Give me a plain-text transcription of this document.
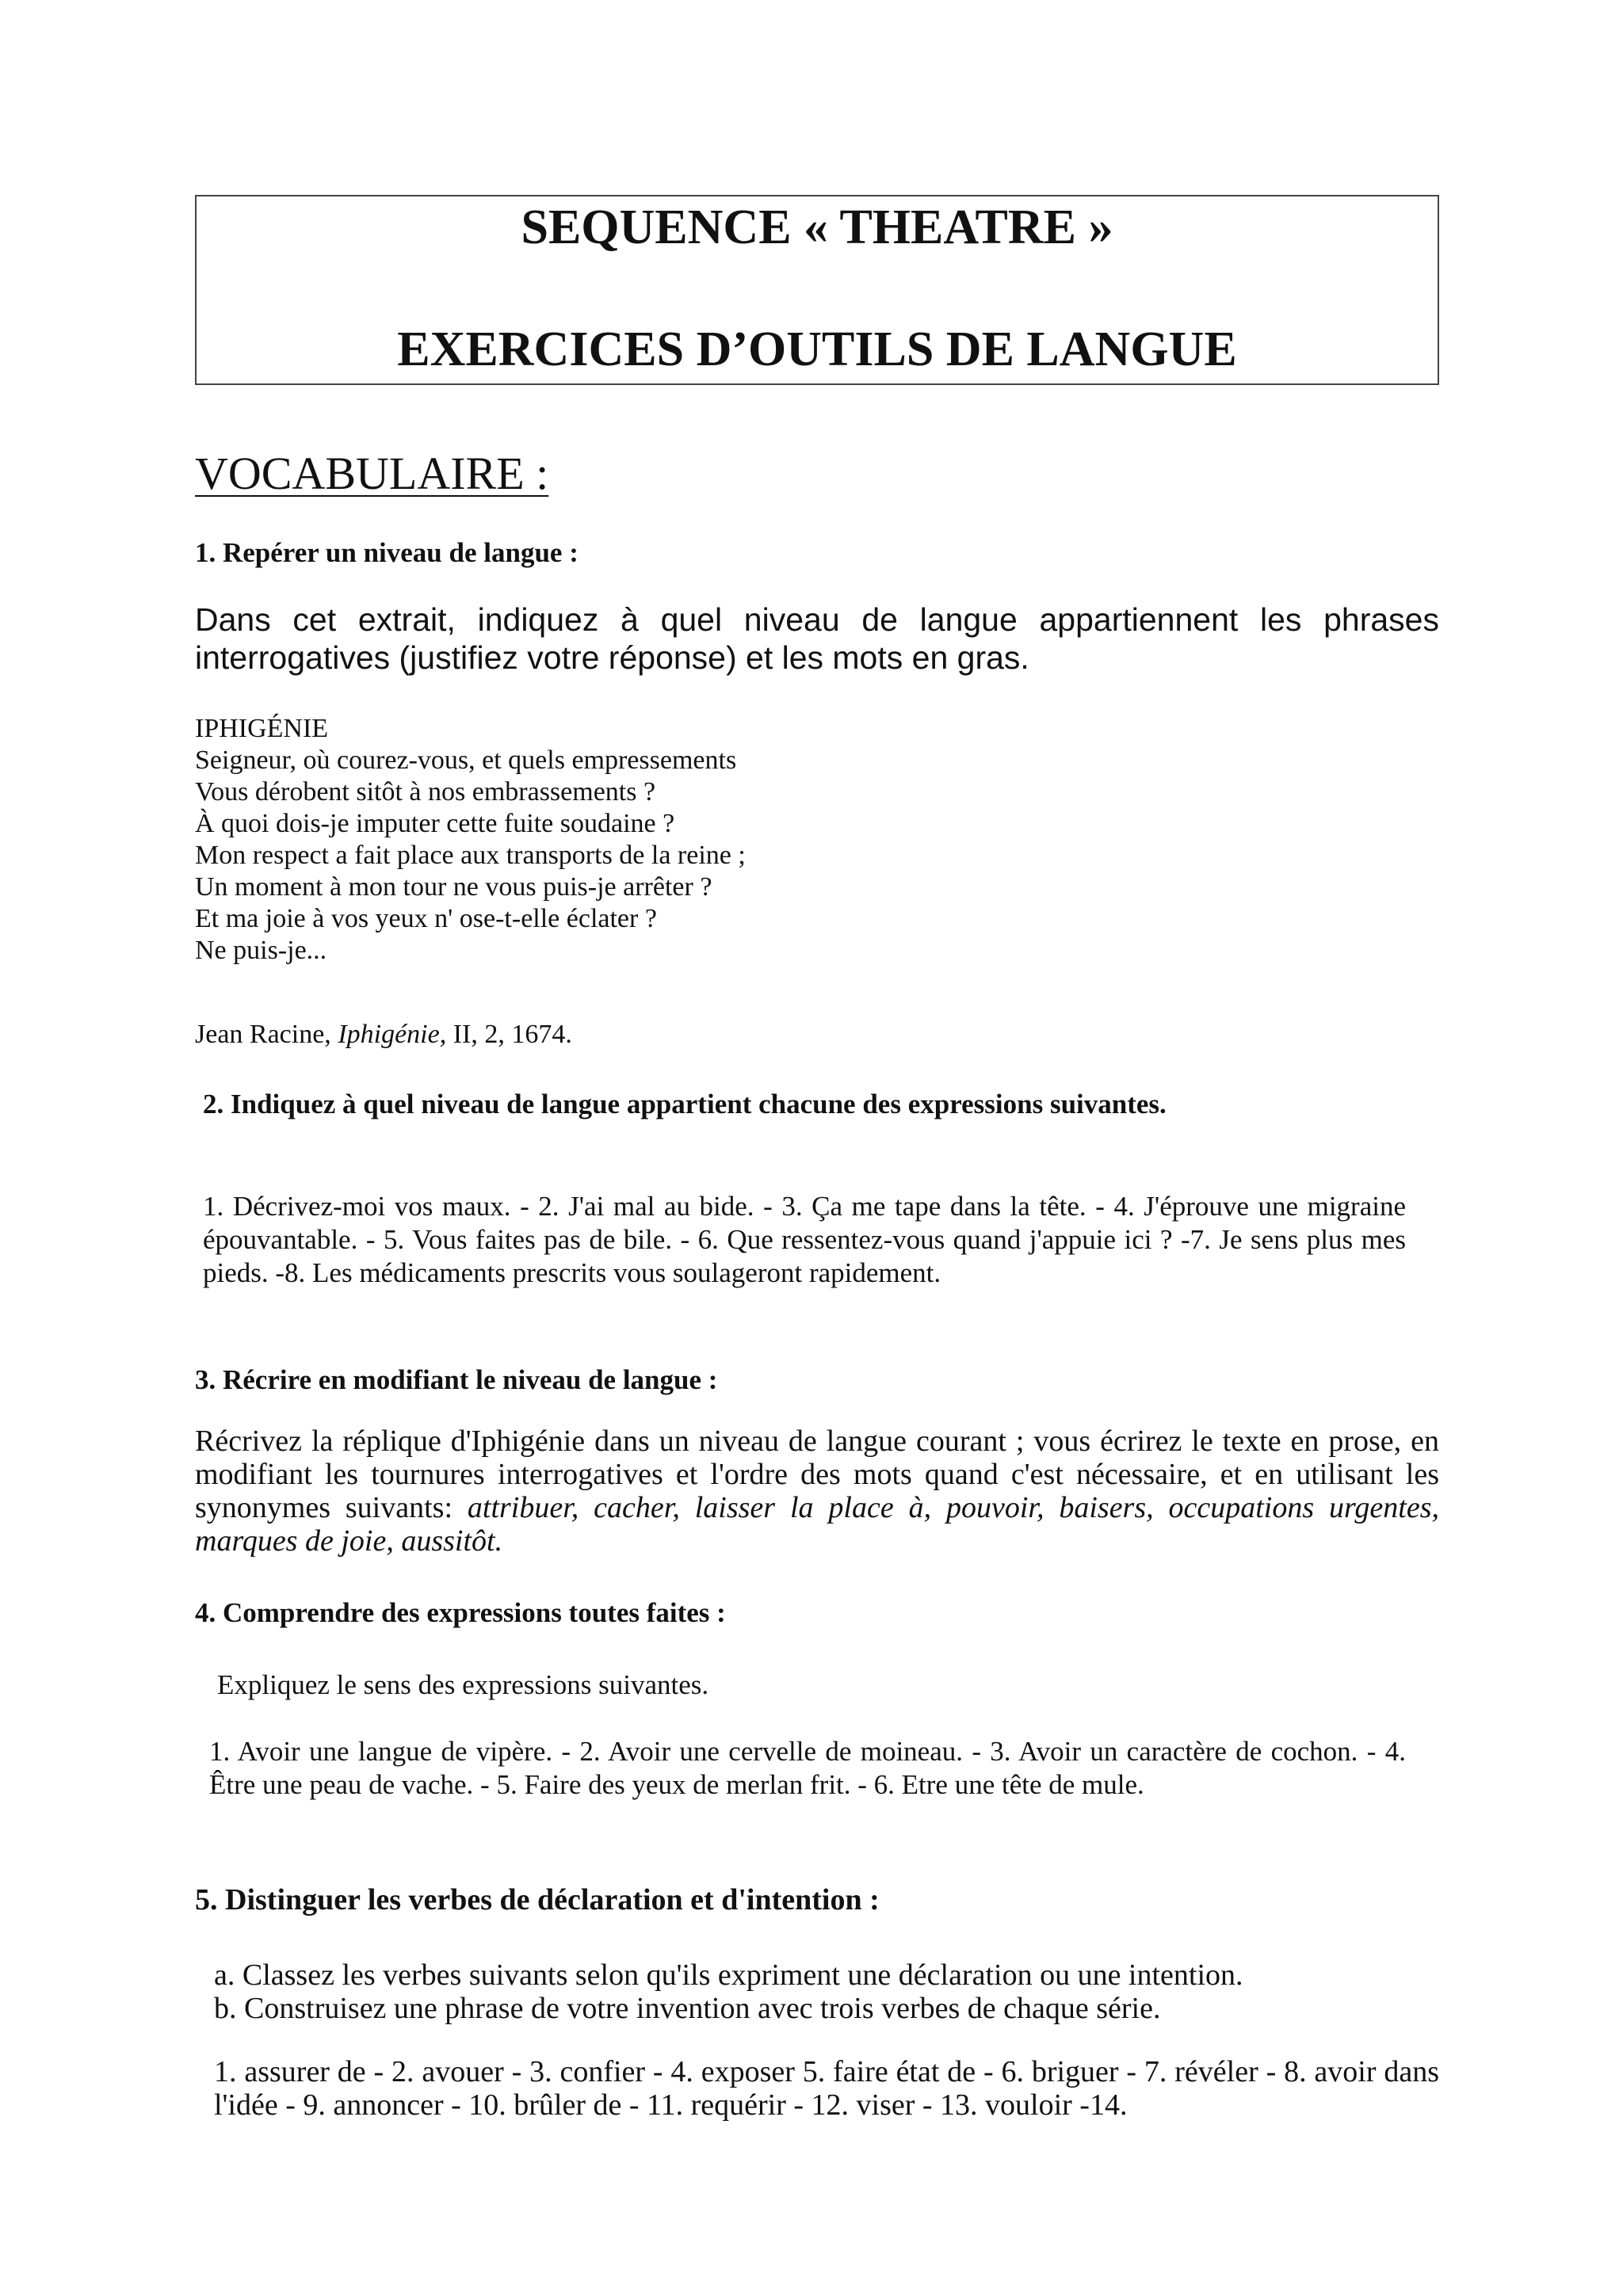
SEQUENCE « THEATRE »
EXERCICES D’OUTILS DE LANGUE
VOCABULAIRE :
1. Repérer un niveau de langue :
Dans cet extrait, indiquez à quel niveau de langue appartiennent les phrases interrogatives (justifiez votre réponse) et les mots en gras.
IPHIGÉNIE
Seigneur, où courez-vous, et quels empressements
Vous dérobent sitôt à nos embrassements ?
À quoi dois-je imputer cette fuite soudaine ?
Mon respect a fait place aux transports de la reine ;
Un moment à mon tour ne vous puis-je arrêter ?
Et ma joie à vos yeux n' ose-t-elle éclater ?
Ne puis-je...
Jean Racine, Iphigénie, II, 2, 1674.
2. Indiquez à quel niveau de langue appartient chacune des expressions suivantes.
1. Décrivez-moi vos maux. - 2. J'ai mal au bide. - 3. Ça me tape dans la tête. - 4. J'éprouve une migraine épouvantable. - 5. Vous faites pas de bile. - 6. Que ressentez-vous quand j'appuie ici ? -7. Je sens plus mes pieds. -8. Les médicaments prescrits vous soulageront rapidement.
3. Récrire en modifiant le niveau de langue :
Récrivez la réplique d'Iphigénie dans un niveau de langue courant ; vous écrirez le texte en prose, en modifiant les tournures interrogatives et l'ordre des mots quand c'est nécessaire, et en utilisant les synonymes suivants: attribuer, cacher, laisser la place à, pouvoir, baisers, occupations urgentes, marques de joie, aussitôt.
4. Comprendre des expressions toutes faites :
Expliquez le sens des expressions suivantes.
1. Avoir une langue de vipère. - 2. Avoir une cervelle de moineau. - 3. Avoir un caractère de cochon. - 4. Être une peau de vache. - 5. Faire des yeux de merlan frit. - 6. Etre une tête de mule.
5. Distinguer les verbes de déclaration et d'intention :
a. Classez les verbes suivants selon qu'ils expriment une déclaration ou une intention.
b. Construisez une phrase de votre invention avec trois verbes de chaque série.
1. assurer de - 2. avouer - 3. confier - 4. exposer 5. faire état de - 6. briguer - 7. révéler - 8. avoir dans l'idée - 9. annoncer - 10. brûler de - 11. requérir - 12. viser - 13. vouloir -14.
